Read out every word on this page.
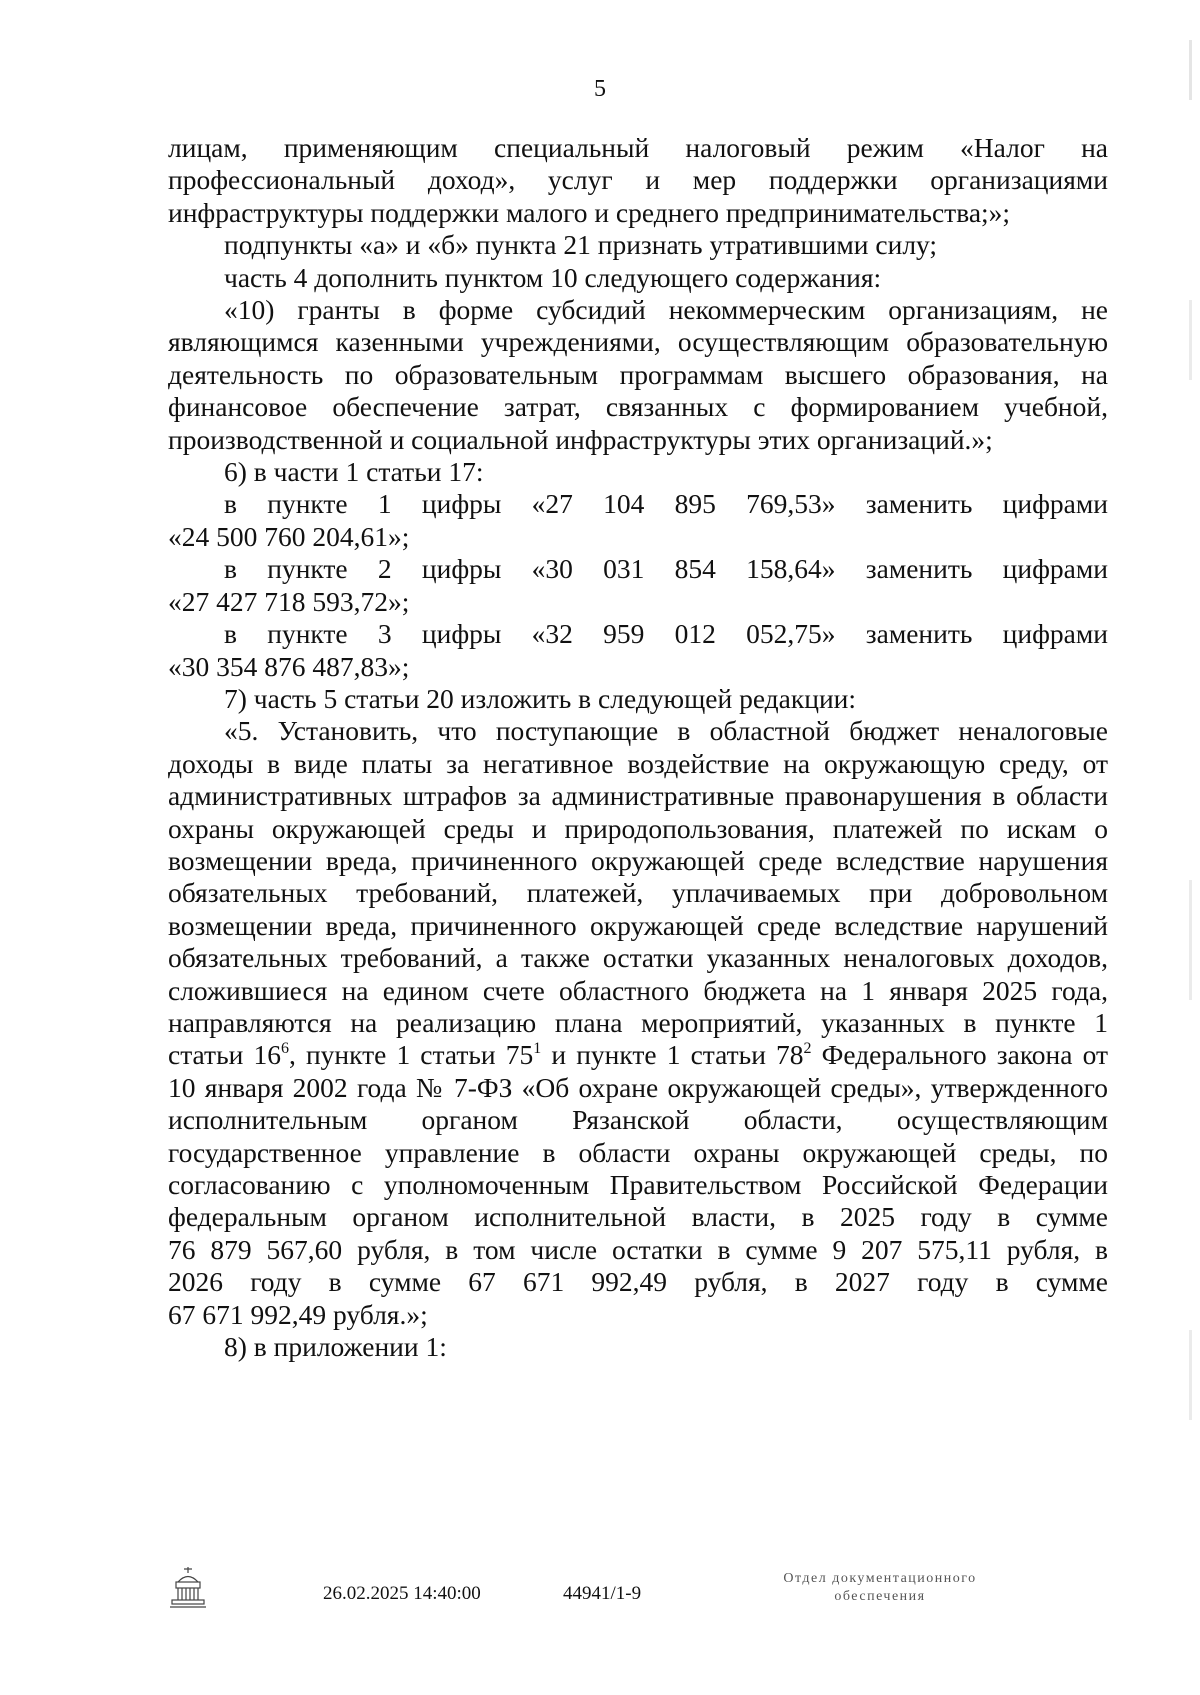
5
лицам, применяющим специальный налоговый режим «Налог на
профессиональный доход», услуг и мер поддержки организациями
инфраструктуры поддержки малого и среднего предпринимательства;»;
подпункты «а» и «б» пункта 21 признать утратившими силу;
часть 4 дополнить пунктом 10 следующего содержания:
«10) гранты в форме субсидий некоммерческим организациям, не
являющимся казенными учреждениями, осуществляющим образовательную
деятельность по образовательным программам высшего образования, на
финансовое обеспечение затрат, связанных с формированием учебной,
производственной и социальной инфраструктуры этих организаций.»;
6) в части 1 статьи 17:
в пункте 1 цифры «27 104 895 769,53» заменить цифрами
«24 500 760 204,61»;
в пункте 2 цифры «30 031 854 158,64» заменить цифрами
«27 427 718 593,72»;
в пункте 3 цифры «32 959 012 052,75» заменить цифрами
«30 354 876 487,83»;
7) часть 5 статьи 20 изложить в следующей редакции:
«5. Установить, что поступающие в областной бюджет неналоговые
доходы в виде платы за негативное воздействие на окружающую среду, от
административных штрафов за административные правонарушения в области
охраны окружающей среды и природопользования, платежей по искам о
возмещении вреда, причиненного окружающей среде вследствие нарушения
обязательных требований, платежей, уплачиваемых при добровольном
возмещении вреда, причиненного окружающей среде вследствие нарушений
обязательных требований, а также остатки указанных неналоговых доходов,
сложившиеся на едином счете областного бюджета на 1 января 2025 года,
направляются на реализацию плана мероприятий, указанных в пункте 1
статьи $16^6$, пункте 1 статьи $75^1$ и пункте 1 статьи $78^2$ Федерального закона от
10 января 2002 года № 7-ФЗ «Об охране окружающей среды», утвержденного
исполнительным органом Рязанской области, осуществляющим
государственное управление в области охраны окружающей среды, по
согласованию с уполномоченным Правительством Российской Федерации
федеральным органом исполнительной власти, в 2025 году в сумме
76 879 567,60 рубля, в том числе остатки в сумме 9 207 575,11 рубля, в
2026 году в сумме 67 671 992,49 рубля, в 2027 году в сумме
67 671 992,49 рубля.»;
8) в приложении 1:
26.02.2025 14:40:00	44941/1-9
Отдел документационного
обеспечения
